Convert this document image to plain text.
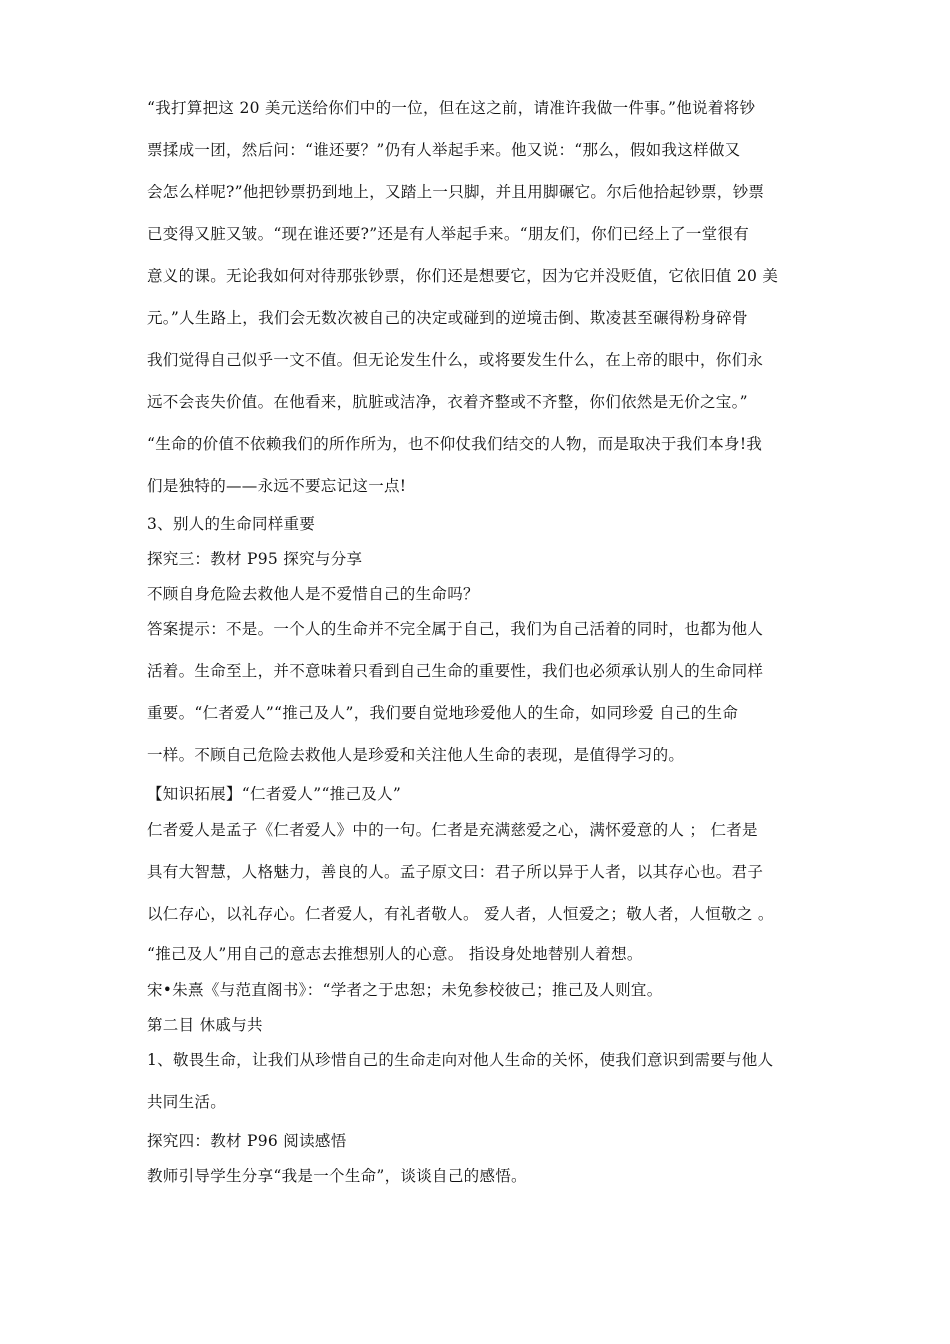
“我打算把这 20 美元送给你们中的一位，但在这之前，请准许我做一件事。”他说着将钞
票揉成一团，然后问：“谁还要？”仍有人举起手来。他又说：“那么，假如我这样做又
会怎么样呢?”他把钞票扔到地上，又踏上一只脚，并且用脚碾它。尔后他拾起钞票，钞票
已变得又脏又皱。“现在谁还要?”还是有人举起手来。“朋友们，你们已经上了一堂很有
意义的课。无论我如何对待那张钞票，你们还是想要它，因为它并没贬值，它依旧值 20 美
元。”人生路上，我们会无数次被自己的决定或碰到的逆境击倒、欺凌甚至碾得粉身碎骨
我们觉得自己似乎一文不值。但无论发生什么，或将要发生什么，在上帝的眼中，你们永
远不会丧失价值。在他看来，肮脏或洁净，衣着齐整或不齐整，你们依然是无价之宝。”
“生命的价值不依赖我们的所作所为，也不仰仗我们结交的人物，而是取决于我们本身!我
们是独特的——永远不要忘记这一点!
3、别人的生命同样重要
探究三：教材 P95 探究与分享
不顾自身危险去救他人是不爱惜自己的生命吗？
答案提示：不是。一个人的生命并不完全属于自己，我们为自己活着的同时，也都为他人
活着。生命至上，并不意味着只看到自己生命的重要性，我们也必须承认别人的生命同样
重要。“仁者爱人”“推己及人”，我们要自觉地珍爱他人的生命，如同珍爱 自己的生命
一样。不顾自己危险去救他人是珍爱和关注他人生命的表现，是值得学习的。
【知识拓展】“仁者爱人”“推己及人”
仁者爱人是孟子《仁者爱人》中的一句。仁者是充满慈爱之心，满怀爱意的人 ； 仁者是
具有大智慧，人格魅力，善良的人。孟子原文曰：君子所以异于人者，以其存心也。君子
以仁存心，以礼存心。仁者爱人，有礼者敬人。 爱人者，人恒爱之；敬人者，人恒敬之 。
“推己及人”用自己的意志去推想别人的心意。 指设身处地替别人着想。
宋•朱熹《与范直阁书》：“学者之于忠恕；未免参校彼己；推己及人则宜。
第二目 休戚与共
1、敬畏生命，让我们从珍惜自己的生命走向对他人生命的关怀，使我们意识到需要与他人
共同生活。
探究四：教材 P96 阅读感悟
教师引导学生分享“我是一个生命”，谈谈自己的感悟。
